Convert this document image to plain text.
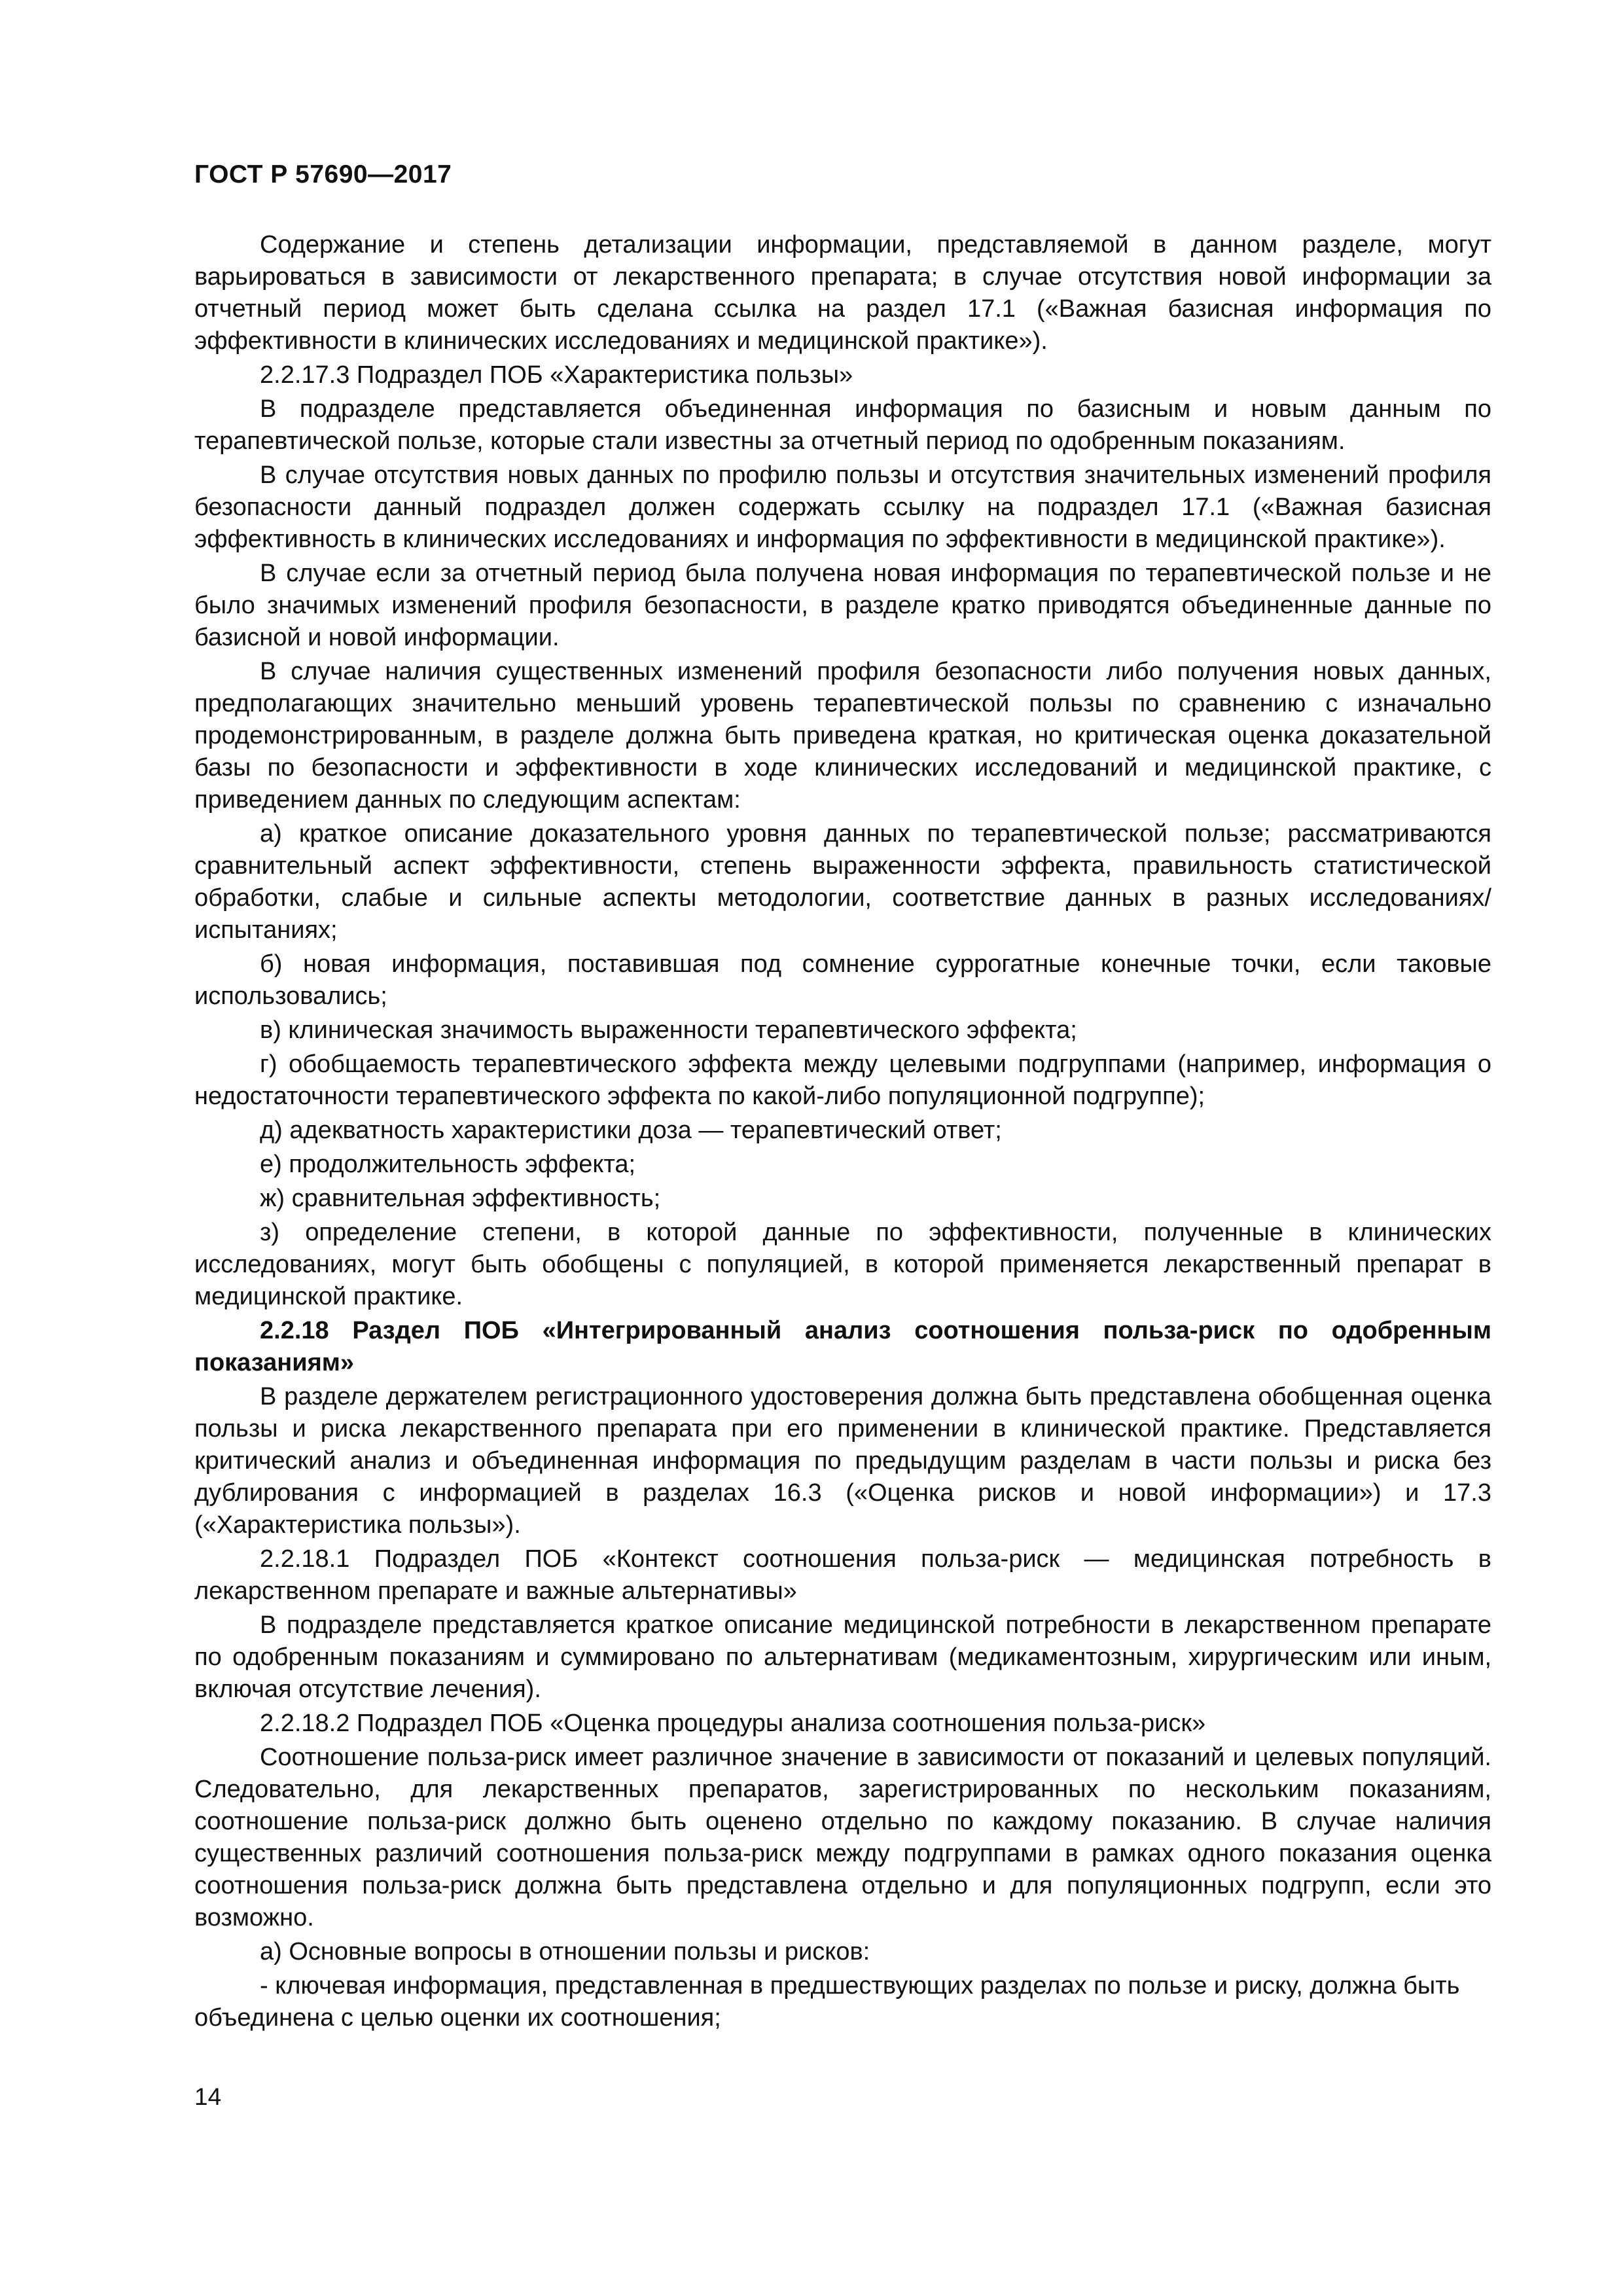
ГОСТ Р 57690—2017

Содержание и степень детализации информации, представляемой в данном разделе, могут варьироваться в зависимости от лекарственного препарата; в случае отсутствия новой информации за отчетный период может быть сделана ссылка на раздел 17.1 («Важная базисная информация по эффективности в клинических исследованиях и медицинской практике»).

2.2.17.3 Подраздел ПОБ «Характеристика пользы»

В подразделе представляется объединенная информация по базисным и новым данным по терапевтической пользе, которые стали известны за отчетный период по одобренным показаниям.

В случае отсутствия новых данных по профилю пользы и отсутствия значительных изменений профиля безопасности данный подраздел должен содержать ссылку на подраздел 17.1 («Важная базисная эффективность в клинических исследованиях и информация по эффективности в медицинской практике»).

В случае если за отчетный период была получена новая информация по терапевтической пользе и не было значимых изменений профиля безопасности, в разделе кратко приводятся объединенные данные по базисной и новой информации.

В случае наличия существенных изменений профиля безопасности либо получения новых данных, предполагающих значительно меньший уровень терапевтической пользы по сравнению с изначально продемонстрированным, в разделе должна быть приведена краткая, но критическая оценка доказательной базы по безопасности и эффективности в ходе клинических исследований и медицинской практике, с приведением данных по следующим аспектам:

а) краткое описание доказательного уровня данных по терапевтической пользе; рассматриваются сравнительный аспект эффективности, степень выраженности эффекта, правильность статистической обработки, слабые и сильные аспекты методологии, соответствие данных в разных исследованиях/испытаниях;

б) новая информация, поставившая под сомнение суррогатные конечные точки, если таковые использовались;

в) клиническая значимость выраженности терапевтического эффекта;

г) обобщаемость терапевтического эффекта между целевыми подгруппами (например, информация о недостаточности терапевтического эффекта по какой-либо популяционной подгруппе);

д) адекватность характеристики доза — терапевтический ответ;

е) продолжительность эффекта;

ж) сравнительная эффективность;

з) определение степени, в которой данные по эффективности, полученные в клинических исследованиях, могут быть обобщены с популяцией, в которой применяется лекарственный препарат в медицинской практике.

2.2.18 Раздел ПОБ «Интегрированный анализ соотношения польза-риск по одобренным показаниям»

В разделе держателем регистрационного удостоверения должна быть представлена обобщенная оценка пользы и риска лекарственного препарата при его применении в клинической практике. Представляется критический анализ и объединенная информация по предыдущим разделам в части пользы и риска без дублирования с информацией в разделах 16.3 («Оценка рисков и новой информации») и 17.3 («Характеристика пользы»).

2.2.18.1 Подраздел ПОБ «Контекст соотношения польза-риск — медицинская потребность в лекарственном препарате и важные альтернативы»

В подразделе представляется краткое описание медицинской потребности в лекарственном препарате по одобренным показаниям и суммировано по альтернативам (медикаментозным, хирургическим или иным, включая отсутствие лечения).

2.2.18.2 Подраздел ПОБ «Оценка процедуры анализа соотношения польза-риск»

Соотношение польза-риск имеет различное значение в зависимости от показаний и целевых популяций. Следовательно, для лекарственных препаратов, зарегистрированных по нескольким показаниям, соотношение польза-риск должно быть оценено отдельно по каждому показанию. В случае наличия существенных различий соотношения польза-риск между подгруппами в рамках одного показания оценка соотношения польза-риск должна быть представлена отдельно и для популяционных подгрупп, если это возможно.

а) Основные вопросы в отношении пользы и рисков:

- ключевая информация, представленная в предшествующих разделах по пользе и риску, должна быть объединена с целью оценки их соотношения;

14
